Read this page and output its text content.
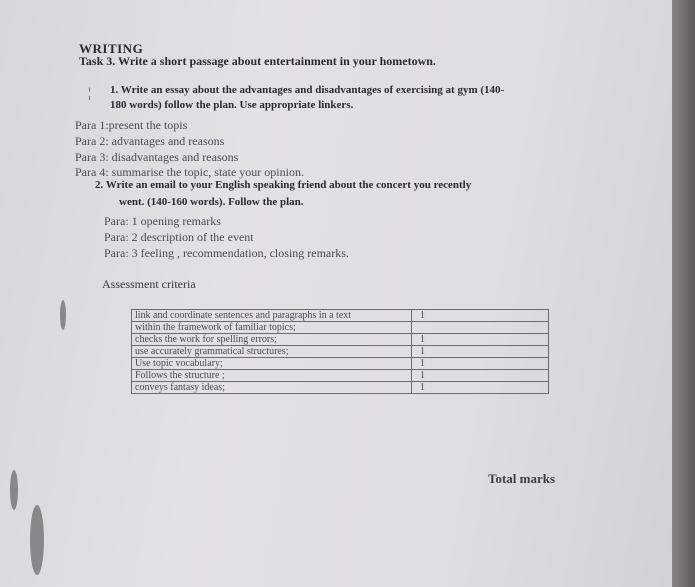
¦
WRITING
Task 3. Write a short passage about entertainment in your hometown.
1. Write an essay about the advantages and disadvantages of exercising at gym (140-
180 words) follow the plan. Use appropriate linkers.
Para 1:present the topis
Para 2: advantages and reasons
Para 3: disadvantages and reasons
Para 4: summarise the topic, state your opinion.
2. Write an email to your English speaking friend about the concert you recently
went. (140-160 words). Follow the plan.
Para: 1 opening remarks
Para: 2 description of the event
Para: 3 feeling , recommendation, closing remarks.
Assessment criteria
link and coordinate sentences and paragraphs in a text	1
within the framework of familiar topics;	
checks the work for spelling errors;	1
use accurately grammatical structures;	1
Use topic vocabulary;	1
Follows the structure ;	1
conveys fantasy ideas;	1
Total marks
